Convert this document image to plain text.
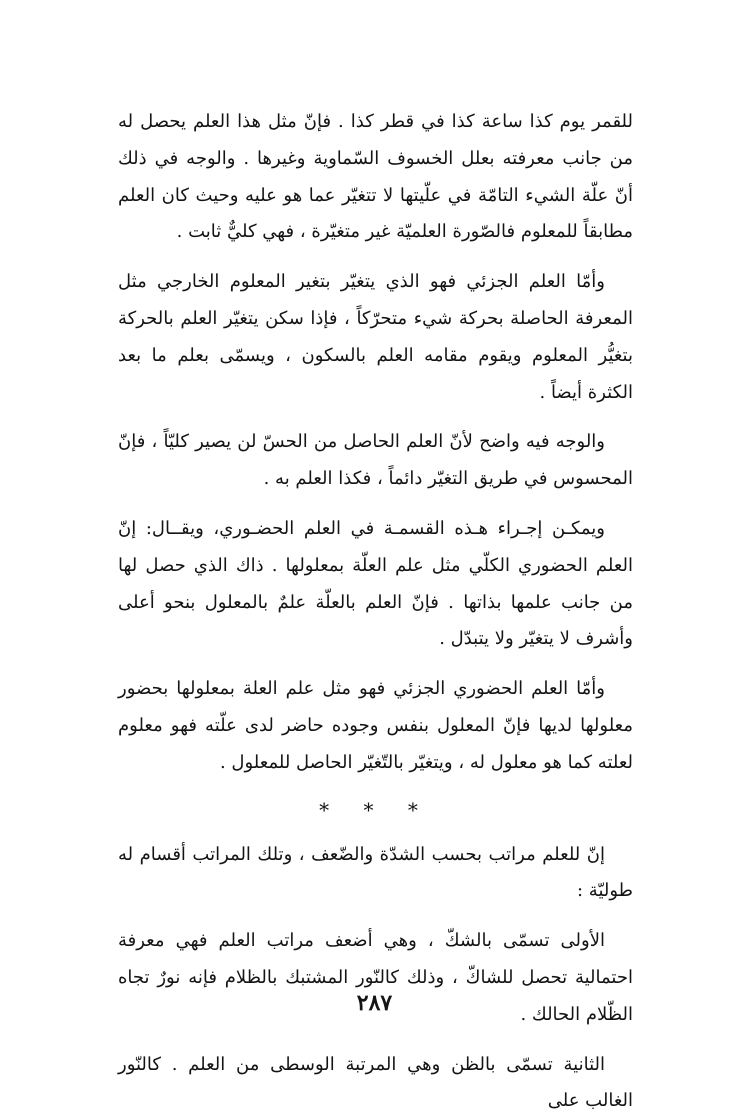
للقمر يوم كذا ساعة كذا في قطر كذا . فإنّ مثل هذا العلم يحصل له من جانب معرفته بعلل الخسوف السّماوية وغيرها . والوجه في ذلك أنّ علّة الشيء التامّة في علّيتها لا تتغيّر عما هو عليه وحيث كان العلم مطابقاً للمعلوم فالصّورة العلميّة غير متغيّرة ، فهي كليٌّ ثابت .

وأمّا العلم الجزئي فهو الذي يتغيّر بتغير المعلوم الخارجي مثل المعرفة الحاصلة بحركة شيء متحرّكاً ، فإذا سكن يتغيّر العلم بالحركة بتغيُّر المعلوم ويقوم مقامه العلم بالسكون ، ويسمّى بعلم ما بعد الكثرة أيضاً .

والوجه فيه واضح لأنّ العلم الحاصل من الحسّ لن يصير كليّاً ، فإنّ المحسوس في طريق التغيّر دائماً ، فكذا العلم به .

ويمكـن إجـراء هـذه القسمـة في العلم الحضـوري، ويقــال: إنّ العلم الحضوري الكلّي مثل علم العلّة بمعلولها . ذاك الذي حصل لها من جانب علمها بذاتها . فإنّ العلم بالعلّة علمٌ بالمعلول بنحو أعلى وأشرف لا يتغيّر ولا يتبدّل .

وأمّا العلم الحضوري الجزئي فهو مثل علم العلة بمعلولها بحضور معلولها لديها فإنّ المعلول بنفس وجوده حاضر لدى علّته فهو معلوم لعلته كما هو معلول له ، ويتغيّر بالتّغيّر الحاصل للمعلول .

* * *

إنّ للعلم مراتب بحسب الشدّة والضّعف ، وتلك المراتب أقسام له طوليّة :

الأولى تسمّى بالشكّ ، وهي أضعف مراتب العلم فهي معرفة احتمالية تحصل للشاكّ ، وذلك كالنّور المشتبك بالظلام فإنه نورٌ تجاه الظّلام الحالك .

الثانية تسمّى بالظن وهي المرتبة الوسطى من العلم . كالنّور الغالب على

٢٨٧
